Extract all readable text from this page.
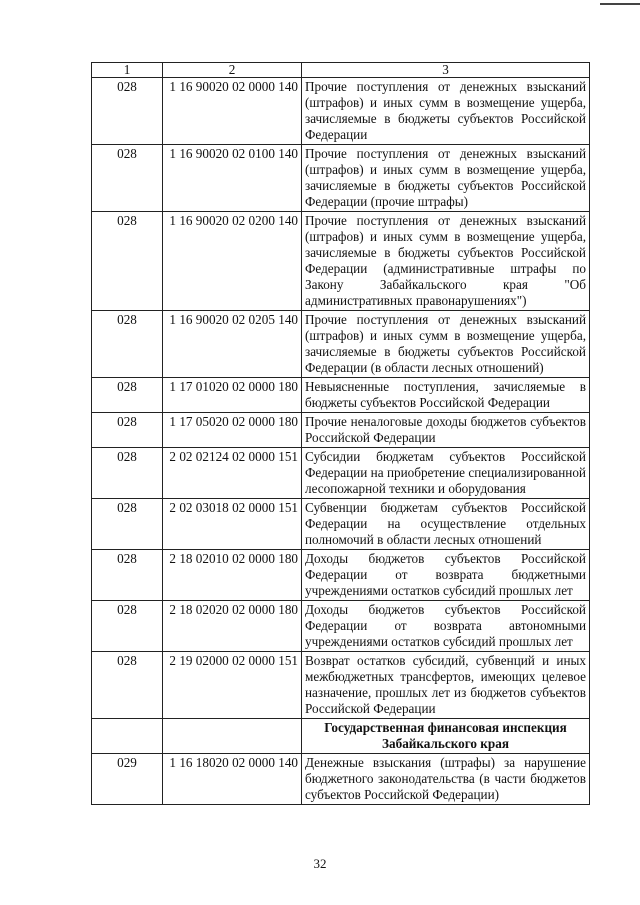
1	2	3
028	1 16 90020 02 0000 140	Прочие поступления от денежных взысканий (штрафов) и иных сумм в возмещение ущерба, зачисляемые в бюджеты субъектов Российской Федерации
028	1 16 90020 02 0100 140	Прочие поступления от денежных взысканий (штрафов) и иных сумм в возмещение ущерба, зачисляемые в бюджеты субъектов Российской Федерации (прочие штрафы)
028	1 16 90020 02 0200 140	Прочие поступления от денежных взысканий (штрафов) и иных сумм в возмещение ущерба, зачисляемые в бюджеты субъектов Российской Федерации (административные штрафы по Закону Забайкальского края "Об административных правонарушениях")
028	1 16 90020 02 0205 140	Прочие поступления от денежных взысканий (штрафов) и иных сумм в возмещение ущерба, зачисляемые в бюджеты субъектов Российской Федерации (в области лесных отношений)
028	1 17 01020 02 0000 180	Невыясненные поступления, зачисляемые в бюджеты субъектов Российской Федерации
028	1 17 05020 02 0000 180	Прочие неналоговые доходы бюджетов субъектов Российской Федерации
028	2 02 02124 02 0000 151	Субсидии бюджетам субъектов Российской Федерации на приобретение специализированной лесопожарной техники и оборудования
028	2 02 03018 02 0000 151	Субвенции бюджетам субъектов Российской Федерации на осуществление отдельных полномочий в области лесных отношений
028	2 18 02010 02 0000 180	Доходы бюджетов субъектов Российской Федерации от возврата бюджетными учреждениями остатков субсидий прошлых лет
028	2 18 02020 02 0000 180	Доходы бюджетов субъектов Российской Федерации от возврата автономными учреждениями остатков субсидий прошлых лет
028	2 19 02000 02 0000 151	Возврат остатков субсидий, субвенций и иных межбюджетных трансфертов, имеющих целевое назначение, прошлых лет из бюджетов субъектов Российской Федерации
		Государственная финансовая инспекция Забайкальского края
029	1 16 18020 02 0000 140	Денежные взыскания (штрафы) за нарушение бюджетного законодательства (в части бюджетов субъектов Российской Федерации)
32
